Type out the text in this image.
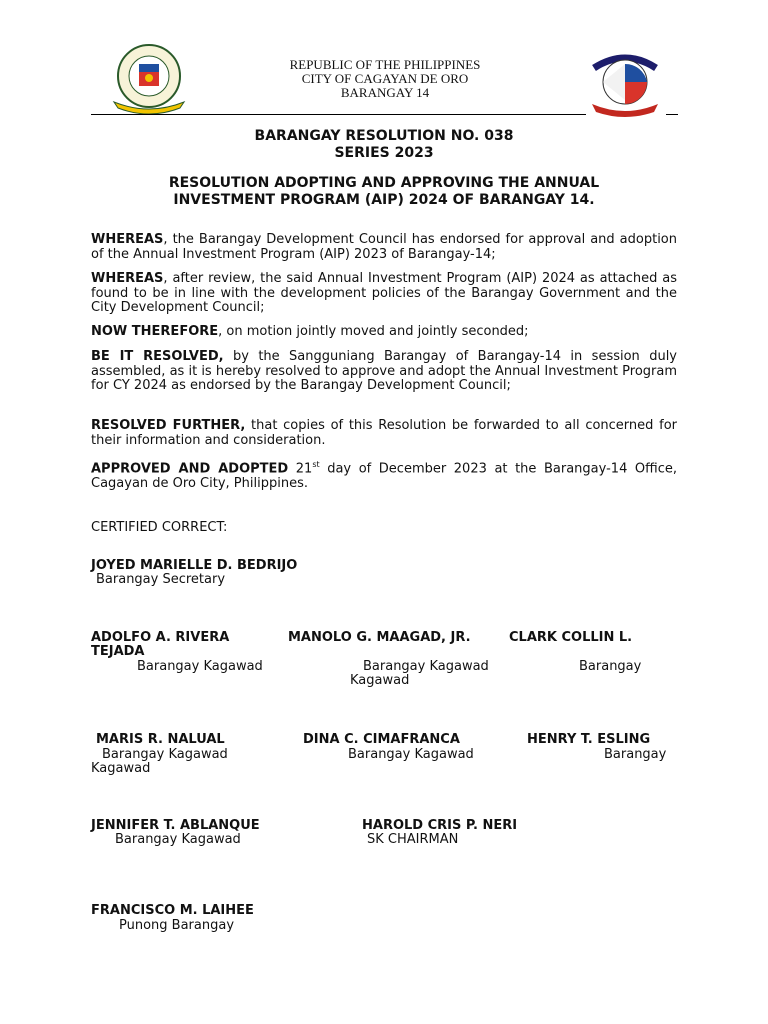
REPUBLIC OF THE PHILIPPINES
CITY OF CAGAYAN DE ORO
BARANGAY 14
BARANGAY RESOLUTION NO. 038
SERIES 2023
RESOLUTION ADOPTING AND APPROVING THE ANNUAL
INVESTMENT PROGRAM (AIP) 2024 OF BARANGAY 14.
WHEREAS, the Barangay Development Council has endorsed for approval and adoption of the Annual Investment Program (AIP) 2023 of Barangay-14;
WHEREAS, after review, the said Annual Investment Program (AIP) 2024 as attached as found to be in line with the development policies of the Barangay Government and the City Development Council;
NOW THEREFORE, on motion jointly moved and jointly seconded;
BE IT RESOLVED, by the Sangguniang Barangay of Barangay-14 in session duly assembled, as it is hereby resolved to approve and adopt the Annual Investment Program for CY 2024 as endorsed by the Barangay Development Council;
RESOLVED FURTHER, that copies of this Resolution be forwarded to all concerned for their information and consideration.
APPROVED AND ADOPTED 21st day of December 2023 at the Barangay-14 Office, Cagayan de Oro City, Philippines.
CERTIFIED CORRECT:
JOYED MARIELLE D. BEDRIJO
Barangay Secretary
ADOLFO A. RIVERA	MANOLO G. MAAGAD, JR.	CLARK COLLIN L.
TEJADA
Barangay Kagawad	Barangay Kagawad	Barangay
Kagawad
MARIS R. NALUAL	DINA C. CIMAFRANCA	HENRY T. ESLING
Barangay Kagawad	Barangay Kagawad	Barangay
Kagawad
JENNIFER T. ABLANQUE	HAROLD CRIS P. NERI
Barangay Kagawad	SK CHAIRMAN
FRANCISCO M. LAIHEE
Punong Barangay
